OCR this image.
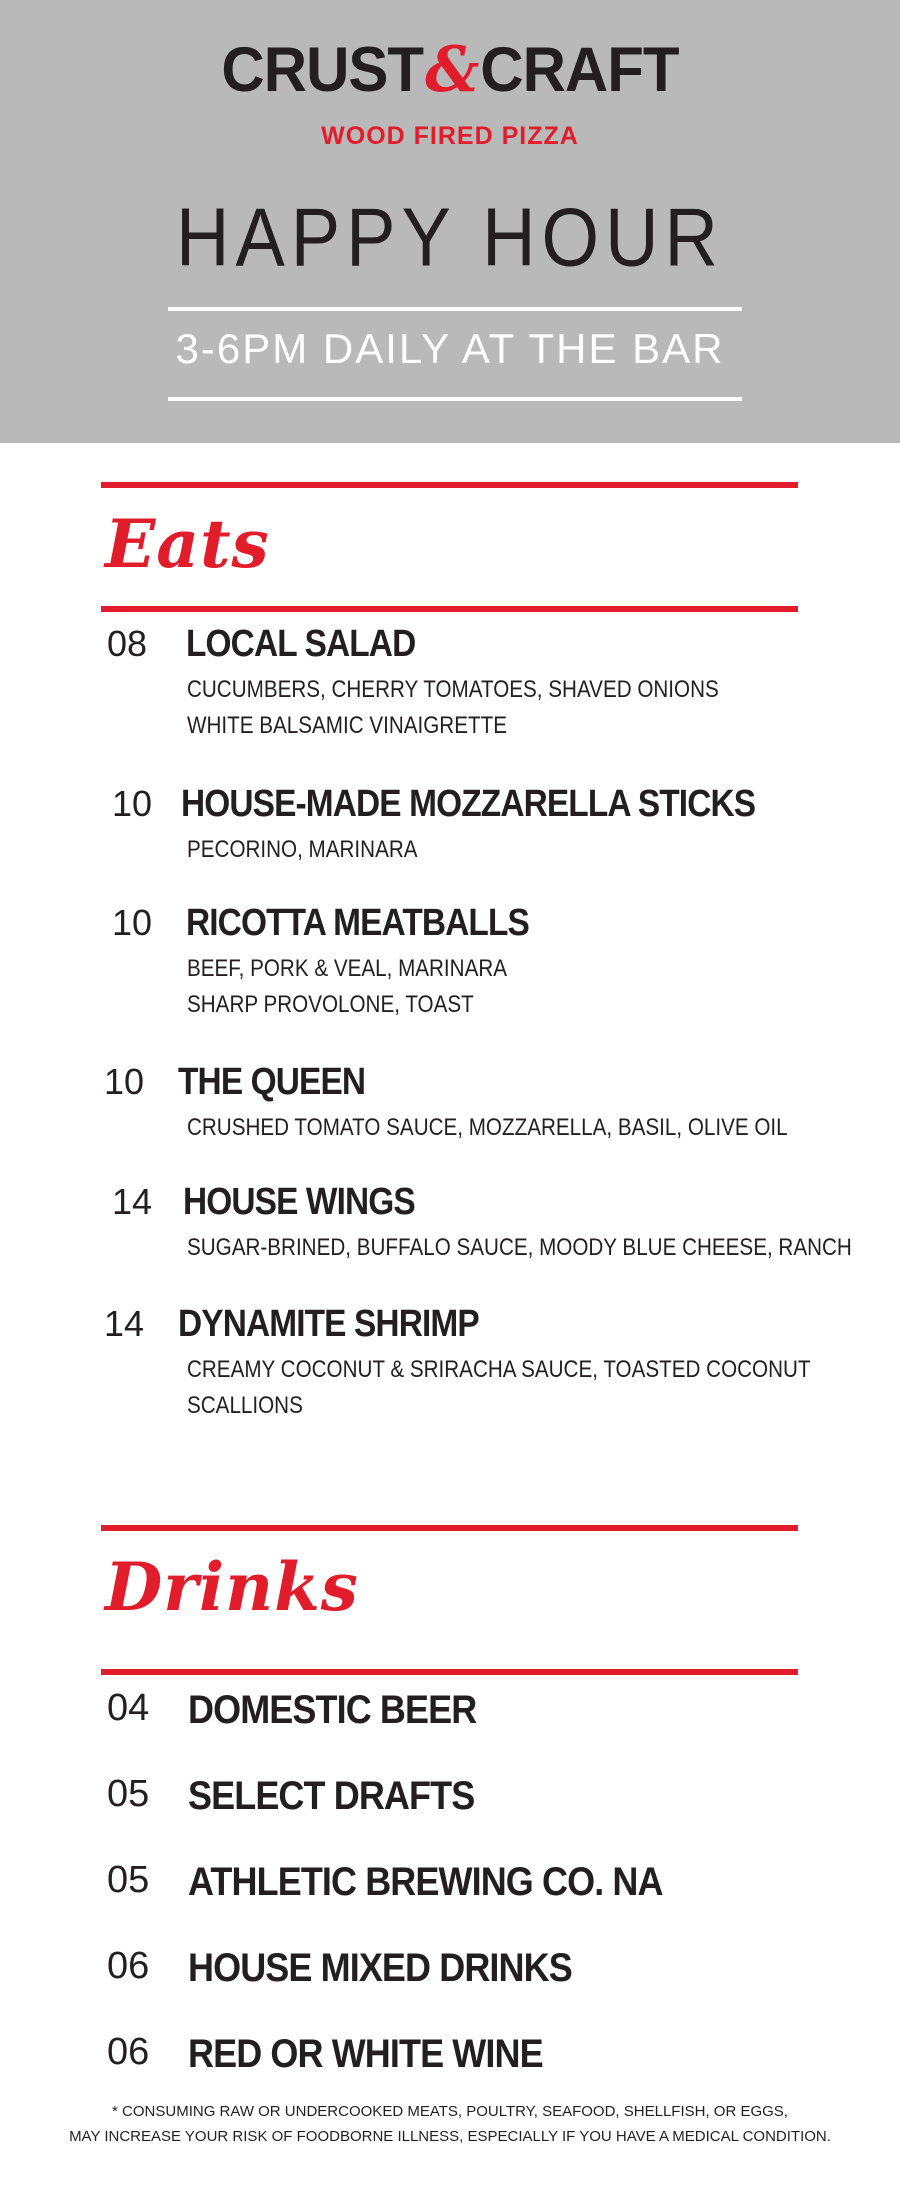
CRUST&CRAFT
WOOD FIRED PIZZA
HAPPY HOUR
3-6PM DAILY AT THE BAR
Eats
08 LOCAL SALAD
CUCUMBERS, CHERRY TOMATOES, SHAVED ONIONS
WHITE BALSAMIC VINAIGRETTE
10 HOUSE-MADE MOZZARELLA STICKS
PECORINO, MARINARA
10 RICOTTA MEATBALLS
BEEF, PORK & VEAL, MARINARA
SHARP PROVOLONE, TOAST
10 THE QUEEN
CRUSHED TOMATO SAUCE, MOZZARELLA, BASIL, OLIVE OIL
14 HOUSE WINGS
SUGAR-BRINED, BUFFALO SAUCE, MOODY BLUE CHEESE, RANCH
14 DYNAMITE SHRIMP
CREAMY COCONUT & SRIRACHA SAUCE, TOASTED COCONUT
SCALLIONS
Drinks
04 DOMESTIC BEER
05 SELECT DRAFTS
05 ATHLETIC BREWING CO. NA
06 HOUSE MIXED DRINKS
06 RED OR WHITE WINE
* CONSUMING RAW OR UNDERCOOKED MEATS, POULTRY, SEAFOOD, SHELLFISH, OR EGGS,
MAY INCREASE YOUR RISK OF FOODBORNE ILLNESS, ESPECIALLY IF YOU HAVE A MEDICAL CONDITION.
